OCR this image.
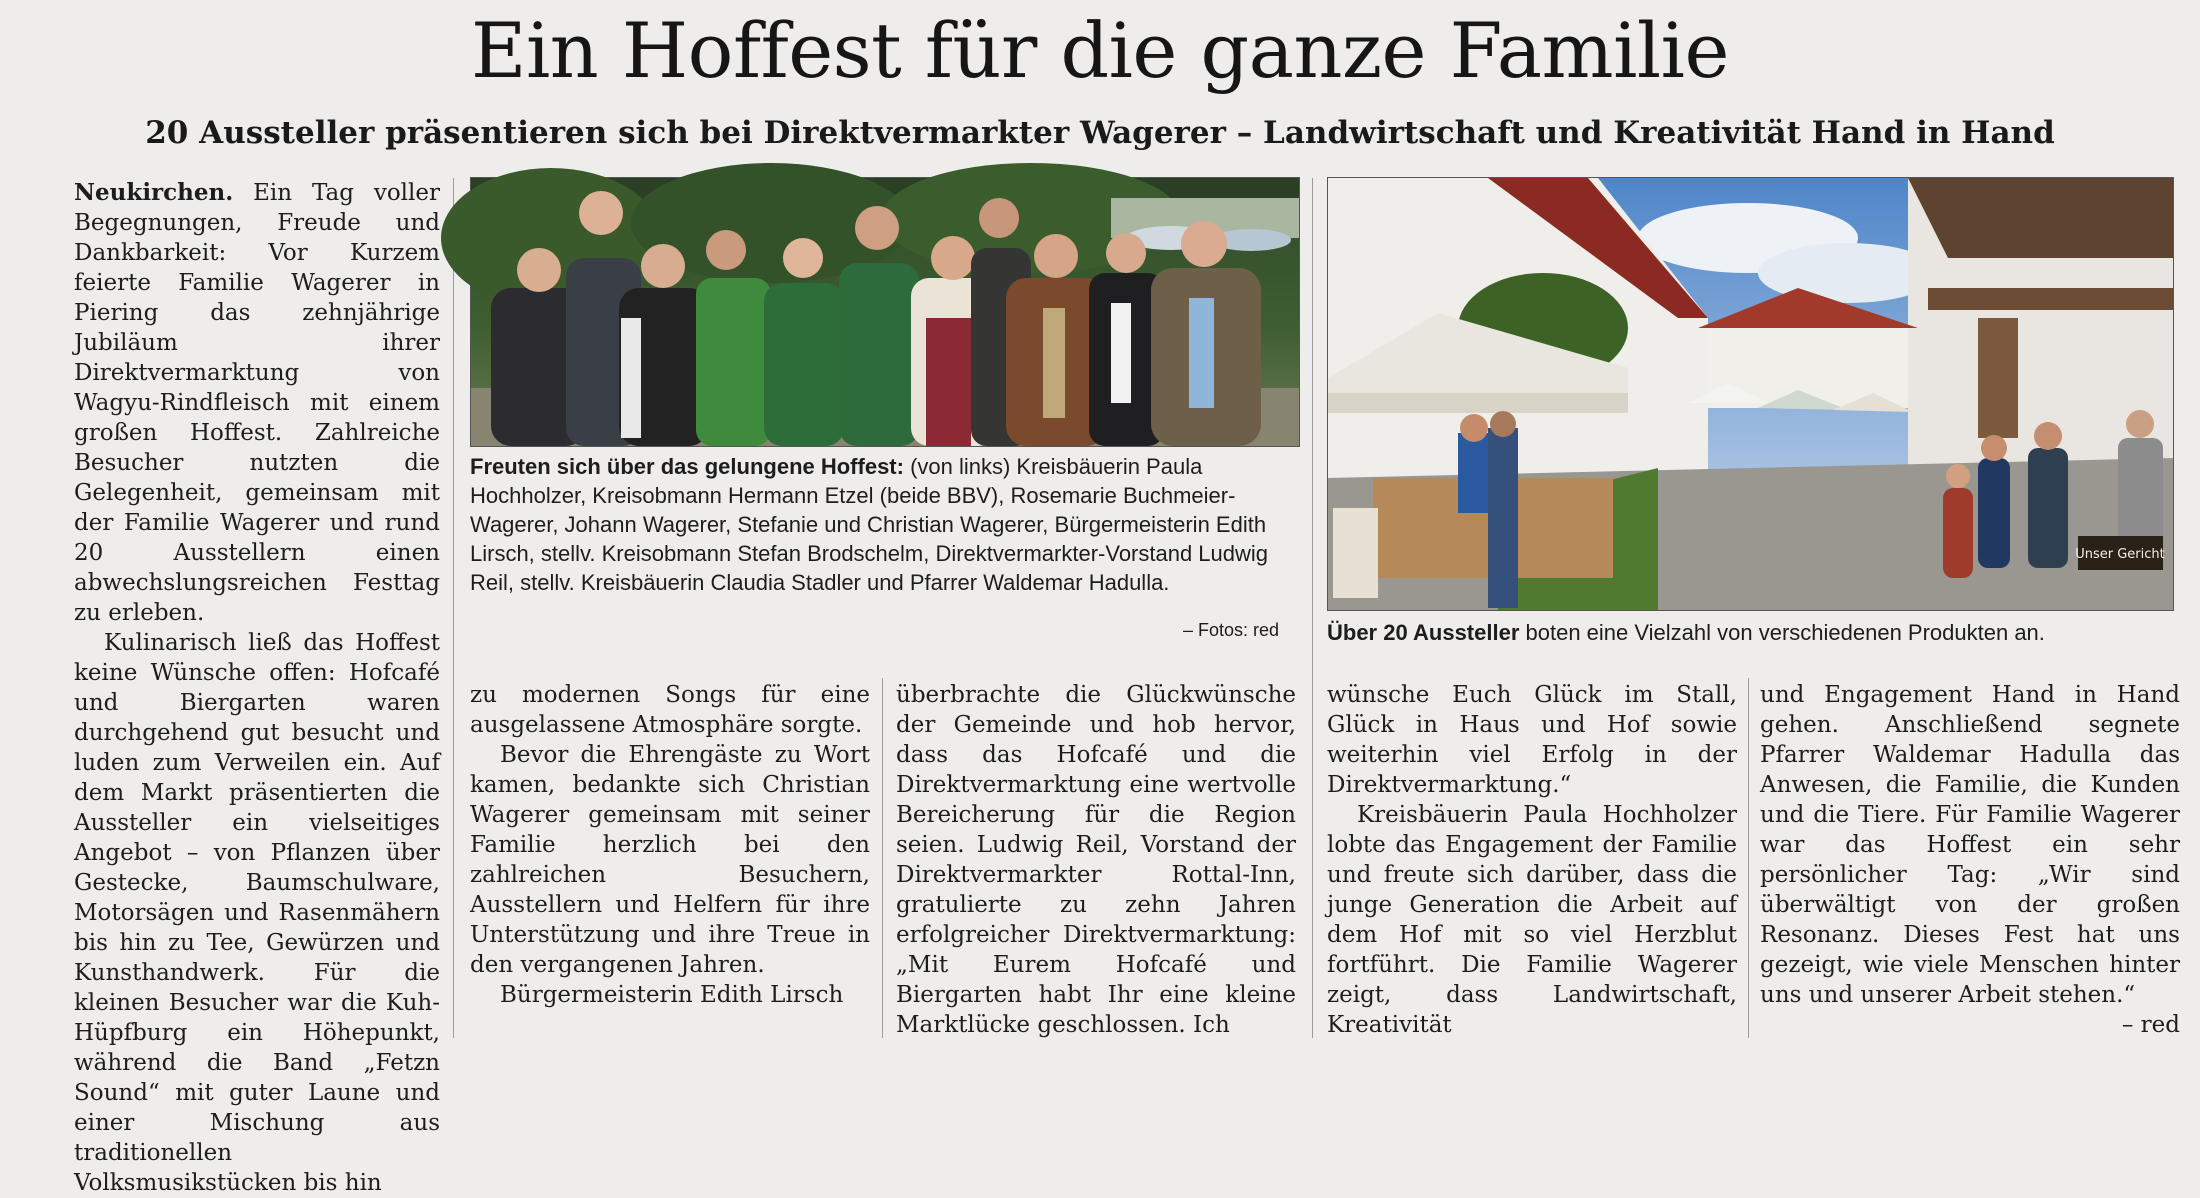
Ein Hoffest für die ganze Familie
20 Aussteller präsentieren sich bei Direktvermarkter Wagerer – Landwirtschaft und Kreativität Hand in Hand

Neukirchen. Ein Tag voller Begegnungen, Freude und Dankbarkeit: Vor Kurzem feierte Familie Wagerer in Piering das zehnjährige Jubiläum ihrer Direktvermarktung von Wagyu-Rindfleisch mit einem großen Hoffest. Zahlreiche Besucher nutzten die Gelegenheit, gemeinsam mit der Familie Wagerer und rund 20 Ausstellern einen abwechslungsreichen Festtag zu erleben.

Kulinarisch ließ das Hoffest keine Wünsche offen: Hofcafé und Biergarten waren durchgehend gut besucht und luden zum Verweilen ein. Auf dem Markt präsentierten die Aussteller ein vielseitiges Angebot – von Pflanzen über Gestecke, Baumschulware, Motorsägen und Rasenmähern bis hin zu Tee, Gewürzen und Kunsthandwerk. Für die kleinen Besucher war die Kuh-Hüpfburg ein Höhepunkt, während die Band „Fetzn Sound“ mit guter Laune und einer Mischung aus traditionellen Volksmusikstücken bis hin

Freuten sich über das gelungene Hoffest: (von links) Kreisbäuerin Paula Hochholzer, Kreisobmann Hermann Etzel (beide BBV), Rosemarie Buchmeier- Wagerer, Johann Wagerer, Stefanie und Christian Wagerer, Bürgermeisterin Edith Lirsch, stellv. Kreisobmann Stefan Brodschelm, Direktvermarkter-Vorstand Ludwig Reil, stellv. Kreisbäuerin Claudia Stadler und Pfarrer Waldemar Hadulla.
– Fotos: red
Unser Gericht
Über 20 Aussteller boten eine Vielzahl von verschiedenen Produkten an.

zu modernen Songs für eine ausgelassene Atmosphäre sorgte.

Bevor die Ehrengäste zu Wort kamen, bedankte sich Christian Wagerer gemeinsam mit seiner Familie herzlich bei den zahlreichen Besuchern, Ausstellern und Helfern für ihre Unterstützung und ihre Treue in den vergangenen Jahren.

Bürgermeisterin Edith Lirsch

überbrachte die Glückwünsche der Gemeinde und hob hervor, dass das Hofcafé und die Direktvermarktung eine wertvolle Bereicherung für die Region seien. Ludwig Reil, Vorstand der Direktvermarkter Rottal-Inn, gratulierte zu zehn Jahren erfolgreicher Direktvermarktung: „Mit Eurem Hofcafé und Biergarten habt Ihr eine kleine Marktlücke geschlossen. Ich

wünsche Euch Glück im Stall, Glück in Haus und Hof sowie weiterhin viel Erfolg in der Direktvermarktung.“

Kreisbäuerin Paula Hochholzer lobte das Engagement der Familie und freute sich darüber, dass die junge Generation die Arbeit auf dem Hof mit so viel Herzblut fortführt. Die Familie Wagerer zeigt, dass Landwirtschaft, Kreativität

und Engagement Hand in Hand gehen. Anschließend segnete Pfarrer Waldemar Hadulla das Anwesen, die Familie, die Kunden und die Tiere. Für Familie Wagerer war das Hoffest ein sehr persönlicher Tag: „Wir sind überwältigt von der großen Resonanz. Dieses Fest hat uns gezeigt, wie viele Menschen hinter uns und unserer Arbeit stehen.“
– red
